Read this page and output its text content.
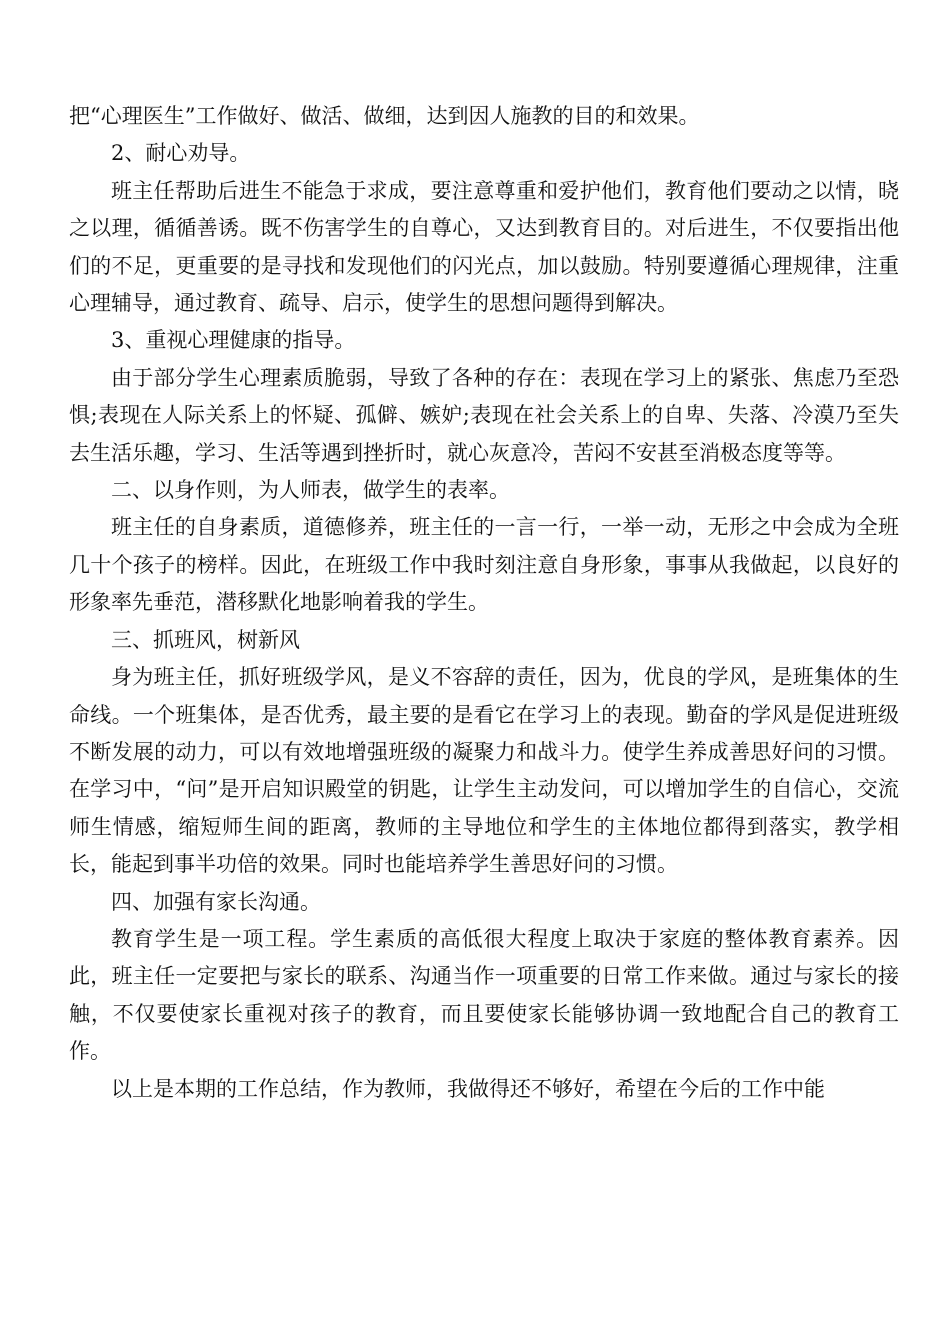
把“心理医生”工作做好、做活、做细，达到因人施教的目的和效果。

2、耐心劝导。

班主任帮助后进生不能急于求成，要注意尊重和爱护他们，教育他们要动之以情，晓之以理，循循善诱。既不伤害学生的自尊心，又达到教育目的。对后进生，不仅要指出他们的不足，更重要的是寻找和发现他们的闪光点，加以鼓励。特别要遵循心理规律，注重心理辅导，通过教育、疏导、启示，使学生的思想问题得到解决。

3、重视心理健康的指导。

由于部分学生心理素质脆弱，导致了各种的存在：表现在学习上的紧张、焦虑乃至恐惧;表现在人际关系上的怀疑、孤僻、嫉妒;表现在社会关系上的自卑、失落、冷漠乃至失去生活乐趣，学习、生活等遇到挫折时，就心灰意冷，苦闷不安甚至消极态度等等。

二、以身作则，为人师表，做学生的表率。

班主任的自身素质，道德修养，班主任的一言一行，一举一动，无形之中会成为全班几十个孩子的榜样。因此，在班级工作中我时刻注意自身形象，事事从我做起，以良好的形象率先垂范，潜移默化地影响着我的学生。

三、抓班风，树新风

身为班主任，抓好班级学风，是义不容辞的责任，因为，优良的学风，是班集体的生命线。一个班集体，是否优秀，最主要的是看它在学习上的表现。勤奋的学风是促进班级不断发展的动力，可以有效地增强班级的凝聚力和战斗力。使学生养成善思好问的习惯。在学习中，“问”是开启知识殿堂的钥匙，让学生主动发问，可以增加学生的自信心，交流师生情感，缩短师生间的距离，教师的主导地位和学生的主体地位都得到落实，教学相长，能起到事半功倍的效果。同时也能培养学生善思好问的习惯。

四、加强有家长沟通。

教育学生是一项工程。学生素质的高低很大程度上取决于家庭的整体教育素养。因此，班主任一定要把与家长的联系、沟通当作一项重要的日常工作来做。通过与家长的接触，不仅要使家长重视对孩子的教育，而且要使家长能够协调一致地配合自己的教育工作。

以上是本期的工作总结，作为教师，我做得还不够好，希望在今后的工作中能
